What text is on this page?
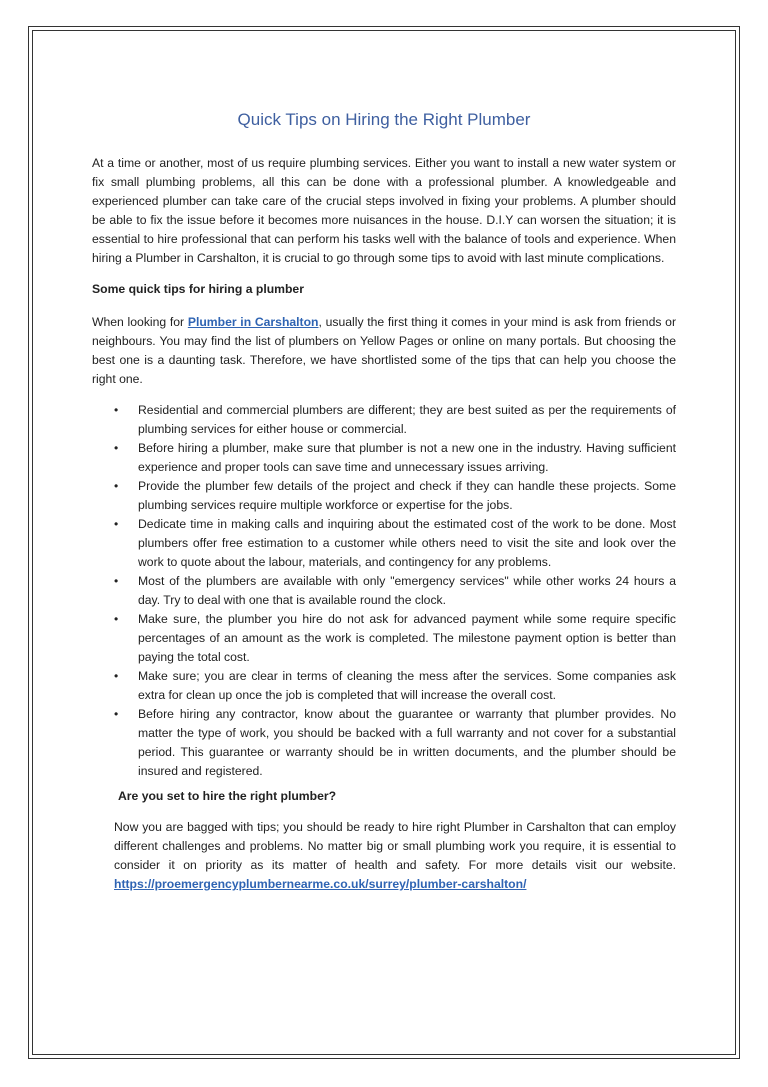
Quick Tips on Hiring the Right Plumber

At a time or another, most of us require plumbing services. Either you want to install a new water system or fix small plumbing problems, all this can be done with a professional plumber. A knowledgeable and experienced plumber can take care of the crucial steps involved in fixing your problems. A plumber should be able to fix the issue before it becomes more nuisances in the house. D.I.Y can worsen the situation; it is essential to hire professional that can perform his tasks well with the balance of tools and experience. When hiring a Plumber in Carshalton, it is crucial to go through some tips to avoid with last minute complications.

Some quick tips for hiring a plumber

When looking for Plumber in Carshalton, usually the first thing it comes in your mind is ask from friends or neighbours. You may find the list of plumbers on Yellow Pages or online on many portals. But choosing the best one is a daunting task. Therefore, we have shortlisted some of the tips that can help you choose the right one.

• Residential and commercial plumbers are different; they are best suited as per the requirements of plumbing services for either house or commercial.
• Before hiring a plumber, make sure that plumber is not a new one in the industry. Having sufficient experience and proper tools can save time and unnecessary issues arriving.
• Provide the plumber few details of the project and check if they can handle these projects. Some plumbing services require multiple workforce or expertise for the jobs.
• Dedicate time in making calls and inquiring about the estimated cost of the work to be done. Most plumbers offer free estimation to a customer while others need to visit the site and look over the work to quote about the labour, materials, and contingency for any problems.
• Most of the plumbers are available with only "emergency services" while other works 24 hours a day. Try to deal with one that is available round the clock.
• Make sure, the plumber you hire do not ask for advanced payment while some require specific percentages of an amount as the work is completed. The milestone payment option is better than paying the total cost.
• Make sure; you are clear in terms of cleaning the mess after the services. Some companies ask extra for clean up once the job is completed that will increase the overall cost.
• Before hiring any contractor, know about the guarantee or warranty that plumber provides. No matter the type of work, you should be backed with a full warranty and not cover for a substantial period. This guarantee or warranty should be in written documents, and the plumber should be insured and registered.

Are you set to hire the right plumber?

Now you are bagged with tips; you should be ready to hire right Plumber in Carshalton that can employ different challenges and problems. No matter big or small plumbing work you require, it is essential to consider it on priority as its matter of health and safety. For more details visit our website. https://proemergencyplumbernearme.co.uk/surrey/plumber-carshalton/
